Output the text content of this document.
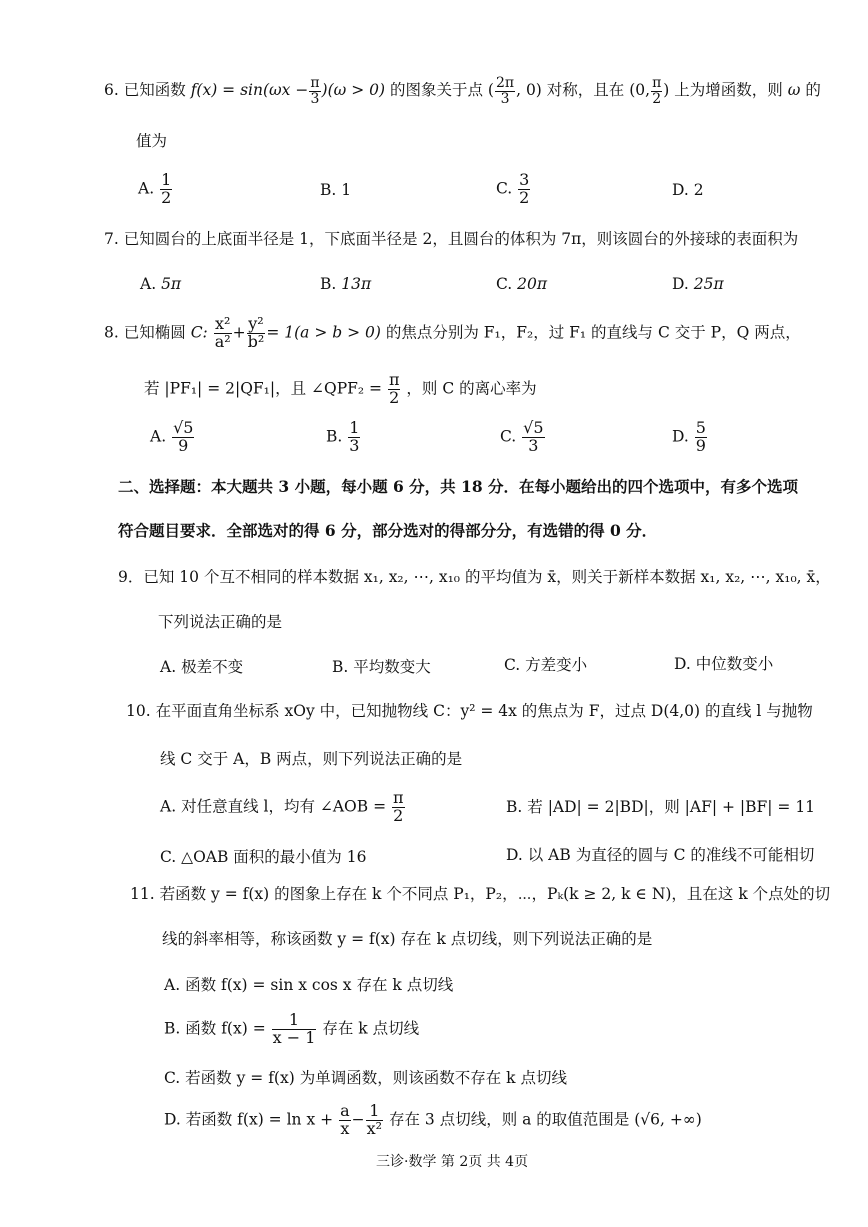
6. 已知函数 $f(x) = \sin(\omega x - \frac{\pi}{3} )(\omega > 0)$ 的图象关于点 ( $\frac{2\pi}{3}$ , 0) 对称，且在 (0, $\frac{\pi}{2}$ ) 上为增函数，则 ω 的
值为
A. $\frac{1}{2}$	B. 1	C. $\frac{3}{2}$	D. 2
7. 已知圆台的上底面半径是 1，下底面半径是 2，且圆台的体积为 7π，则该圆台的外接球的表面积为
A. 5π	B. 13π	C. 20π	D. 25π
8. 已知椭圆 C: $\frac{\text{x²}}{\text{a²}} + \frac{\text{y²}}{\text{b²}} = 1(a > b > 0)$ 的焦点分别为 F₁，F₂，过 F₁ 的直线与 C 交于 P，Q 两点，
若 |PF₁| = 2|QF₁|，且 ∠QPF₂ = $\frac{\pi}{2}$ ，则 C 的离心率为
A. $\frac{√5}{9}$	B. $\frac{1}{3}$	C. $\frac{√5}{3}$	D. $\frac{5}{9}$
二、选择题：本大题共 3 小题，每小题 6 分，共 18 分．在每小题给出的四个选项中，有多个选项
符合题目要求．全部选对的得 6 分，部分选对的得部分分，有选错的得 0 分．
9．已知 10 个互不相同的样本数据 x₁, x₂, ⋯, x₁₀ 的平均值为 x̄，则关于新样本数据 x₁, x₂, ⋯, x₁₀, x̄，
下列说法正确的是
A. 极差不变	B. 平均数变大	C. 方差变小	D. 中位数变小
10. 在平面直角坐标系 xOy 中，已知抛物线 C：y² = 4x 的焦点为 F，过点 D(4,0) 的直线 l 与抛物
线 C 交于 A，B 两点，则下列说法正确的是
A. 对任意直线 l，均有 ∠AOB = $\frac{\pi}{2}$	B. 若 |AD| = 2|BD|，则 |AF| + |BF| = 11
C. △OAB 面积的最小值为 16	D. 以 AB 为直径的圆与 C 的准线不可能相切
11. 若函数 y = f(x) 的图象上存在 k 个不同点 P₁，P₂，⋯，Pₖ(k ≥ 2, k ∈ N)，且在这 k 个点处的切
线的斜率相等，称该函数 y = f(x) 存在 k 点切线，则下列说法正确的是
A. 函数 f(x) = sin x cos x 存在 k 点切线
B. 函数 $f(x) = \frac{1}{x - 1}$ 存在 k 点切线
C. 若函数 y = f(x) 为单调函数，则该函数不存在 k 点切线
D. 若函数 $f(x) = \ln x + \frac{a}{x} - \frac{1}{\text{x²}}$ 存在 3 点切线，则 a 的取值范围是 (√6, +∞)
三诊·数学 第 2页 共 4页
